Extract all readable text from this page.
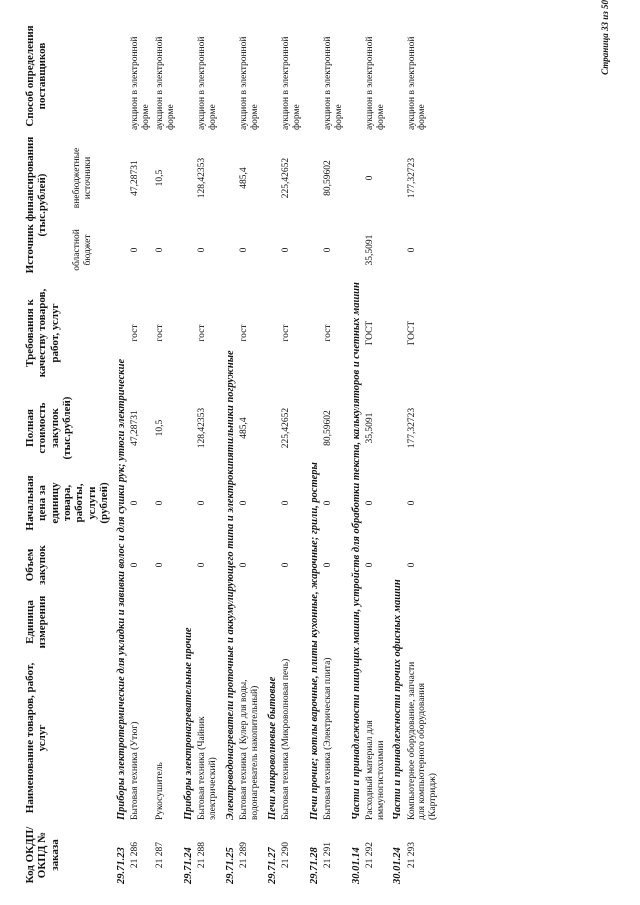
Код ОКДП/ ОКПД № заказа	Наименование товаров, работ, услуг	Единица измерения	Объем закупок	Начальная цена за единицу товара, работы, услуги (рублей)	Полная стоимость закупок (тыс.рублей)	Требования к качеству товаров, работ, услуг	Источник финансирования (тыс.рублей)		Способ определения поставщиков
							областной бюджет	внебюджетные источники	
29.71.23	Приборы электротермические для укладки и завивки волос и для сушки рук; утюги электрические								
21 286	Бытовая техника (Утюг)		0	0	47,28731	гост	0	47,28731	аукцион в электронной форме
21 287	Рукосушитель		0	0	10,5	гост	0	10,5	аукцион в электронной форме
29.71.24	Приборы электронагревательные прочие								
21 288	Бытовая техника (Чайник электрический)		0	0	128,42353	гост	0	128,42353	аукцион в электронной форме
29.71.25	Электроводонагреватели проточные и аккумулирующего типа и электрокипятильники погружные								
21 289	Бытовая техника ( Кулер для воды, водонагреватель накопительный)		0	0	485,4	гост	0	485,4	аукцион в электронной форме
29.71.27	Печи микроволновые бытовые								
21 290	Бытовая техника (Микроволновая печь)		0	0	225,42652	гост	0	225,42652	аукцион в электронной форме
29.71.28	Печи прочие; котлы варочные, плиты кухонные, жарочные; грили, ростеры								
21 291	Бытовая техника (Электрическая плита)		0	0	80,59602	гост	0	80,59602	аукцион в электронной форме
30.01.14	Части и принадлежности пишущих машин, устройств для обработки текста, калькуляторов и счетных машин								
21 292	Расходный материал для иммуногистохимии		0	0	35,5091	ГОСТ	35,5091	0	аукцион в электронной форме
30.01.24	Части и принадлежности прочих офисных машин								
21 293	Компьютерное оборудование, запчасти для компьютерного оборудования (Картридж)		0	0	177,32723	ГОСТ	0	177,32723	аукцион в электронной форме
Страница 33 из 50
